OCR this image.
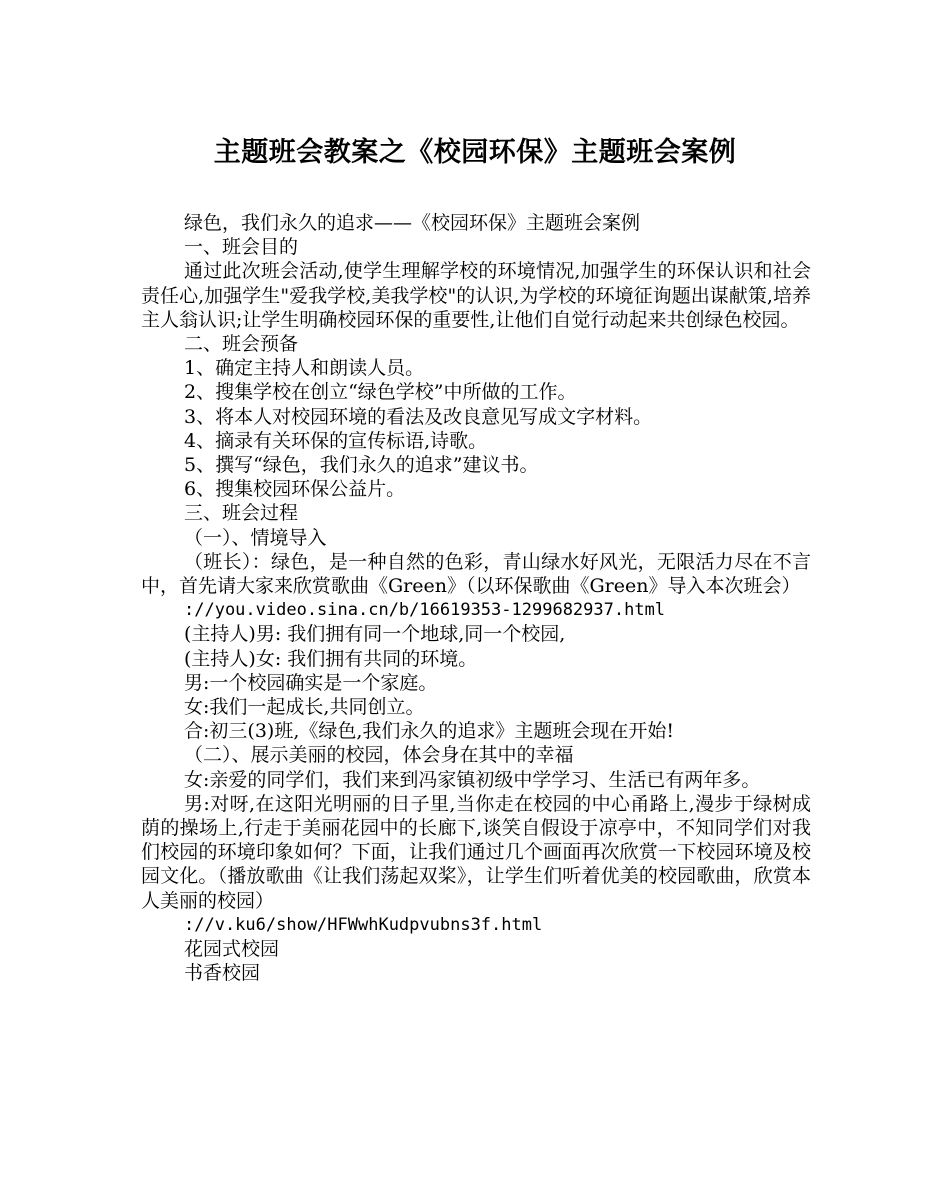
主题班会教案之《校园环保》主题班会案例

绿色，我们永久的追求——《校园环保》主题班会案例

一、班会目的

通过此次班会活动,使学生理解学校的环境情况,加强学生的环保认识和社会责任心,加强学生"爱我学校,美我学校"的认识,为学校的环境征询题出谋献策,培养主人翁认识;让学生明确校园环保的重要性,让他们自觉行动起来共创绿色校园。

二、班会预备

1、确定主持人和朗读人员。

2、搜集学校在创立“绿色学校”中所做的工作。

3、将本人对校园环境的看法及改良意见写成文字材料。

4、摘录有关环保的宣传标语,诗歌。

5、撰写“绿色，我们永久的追求”建议书。

6、搜集校园环保公益片。

三、班会过程

（一）、情境导入

（班长）：绿色，是一种自然的色彩，青山绿水好风光，无限活力尽在不言中，首先请大家来欣赏歌曲《Green》（以环保歌曲《Green》导入本次班会）

://you.video.sina.cn/b/16619353-1299682937.html

(主持人)男: 我们拥有同一个地球,同一个校园,

(主持人)女: 我们拥有共同的环境。

男:一个校园确实是一个家庭。

女:我们一起成长,共同创立。

合:初三(3)班,《绿色,我们永久的追求》主题班会现在开始!

（二）、展示美丽的校园，体会身在其中的幸福

女:亲爱的同学们，我们来到冯家镇初级中学学习、生活已有两年多。

男:对呀,在这阳光明丽的日子里,当你走在校园的中心甬路上,漫步于绿树成荫的操场上,行走于美丽花园中的长廊下,谈笑自假设于凉亭中，不知同学们对我们校园的环境印象如何？下面，让我们通过几个画面再次欣赏一下校园环境及校园文化。（播放歌曲《让我们荡起双桨》，让学生们听着优美的校园歌曲，欣赏本人美丽的校园）

://v.ku6/show/HFWwhKudpvubns3f.html

花园式校园

书香校园
